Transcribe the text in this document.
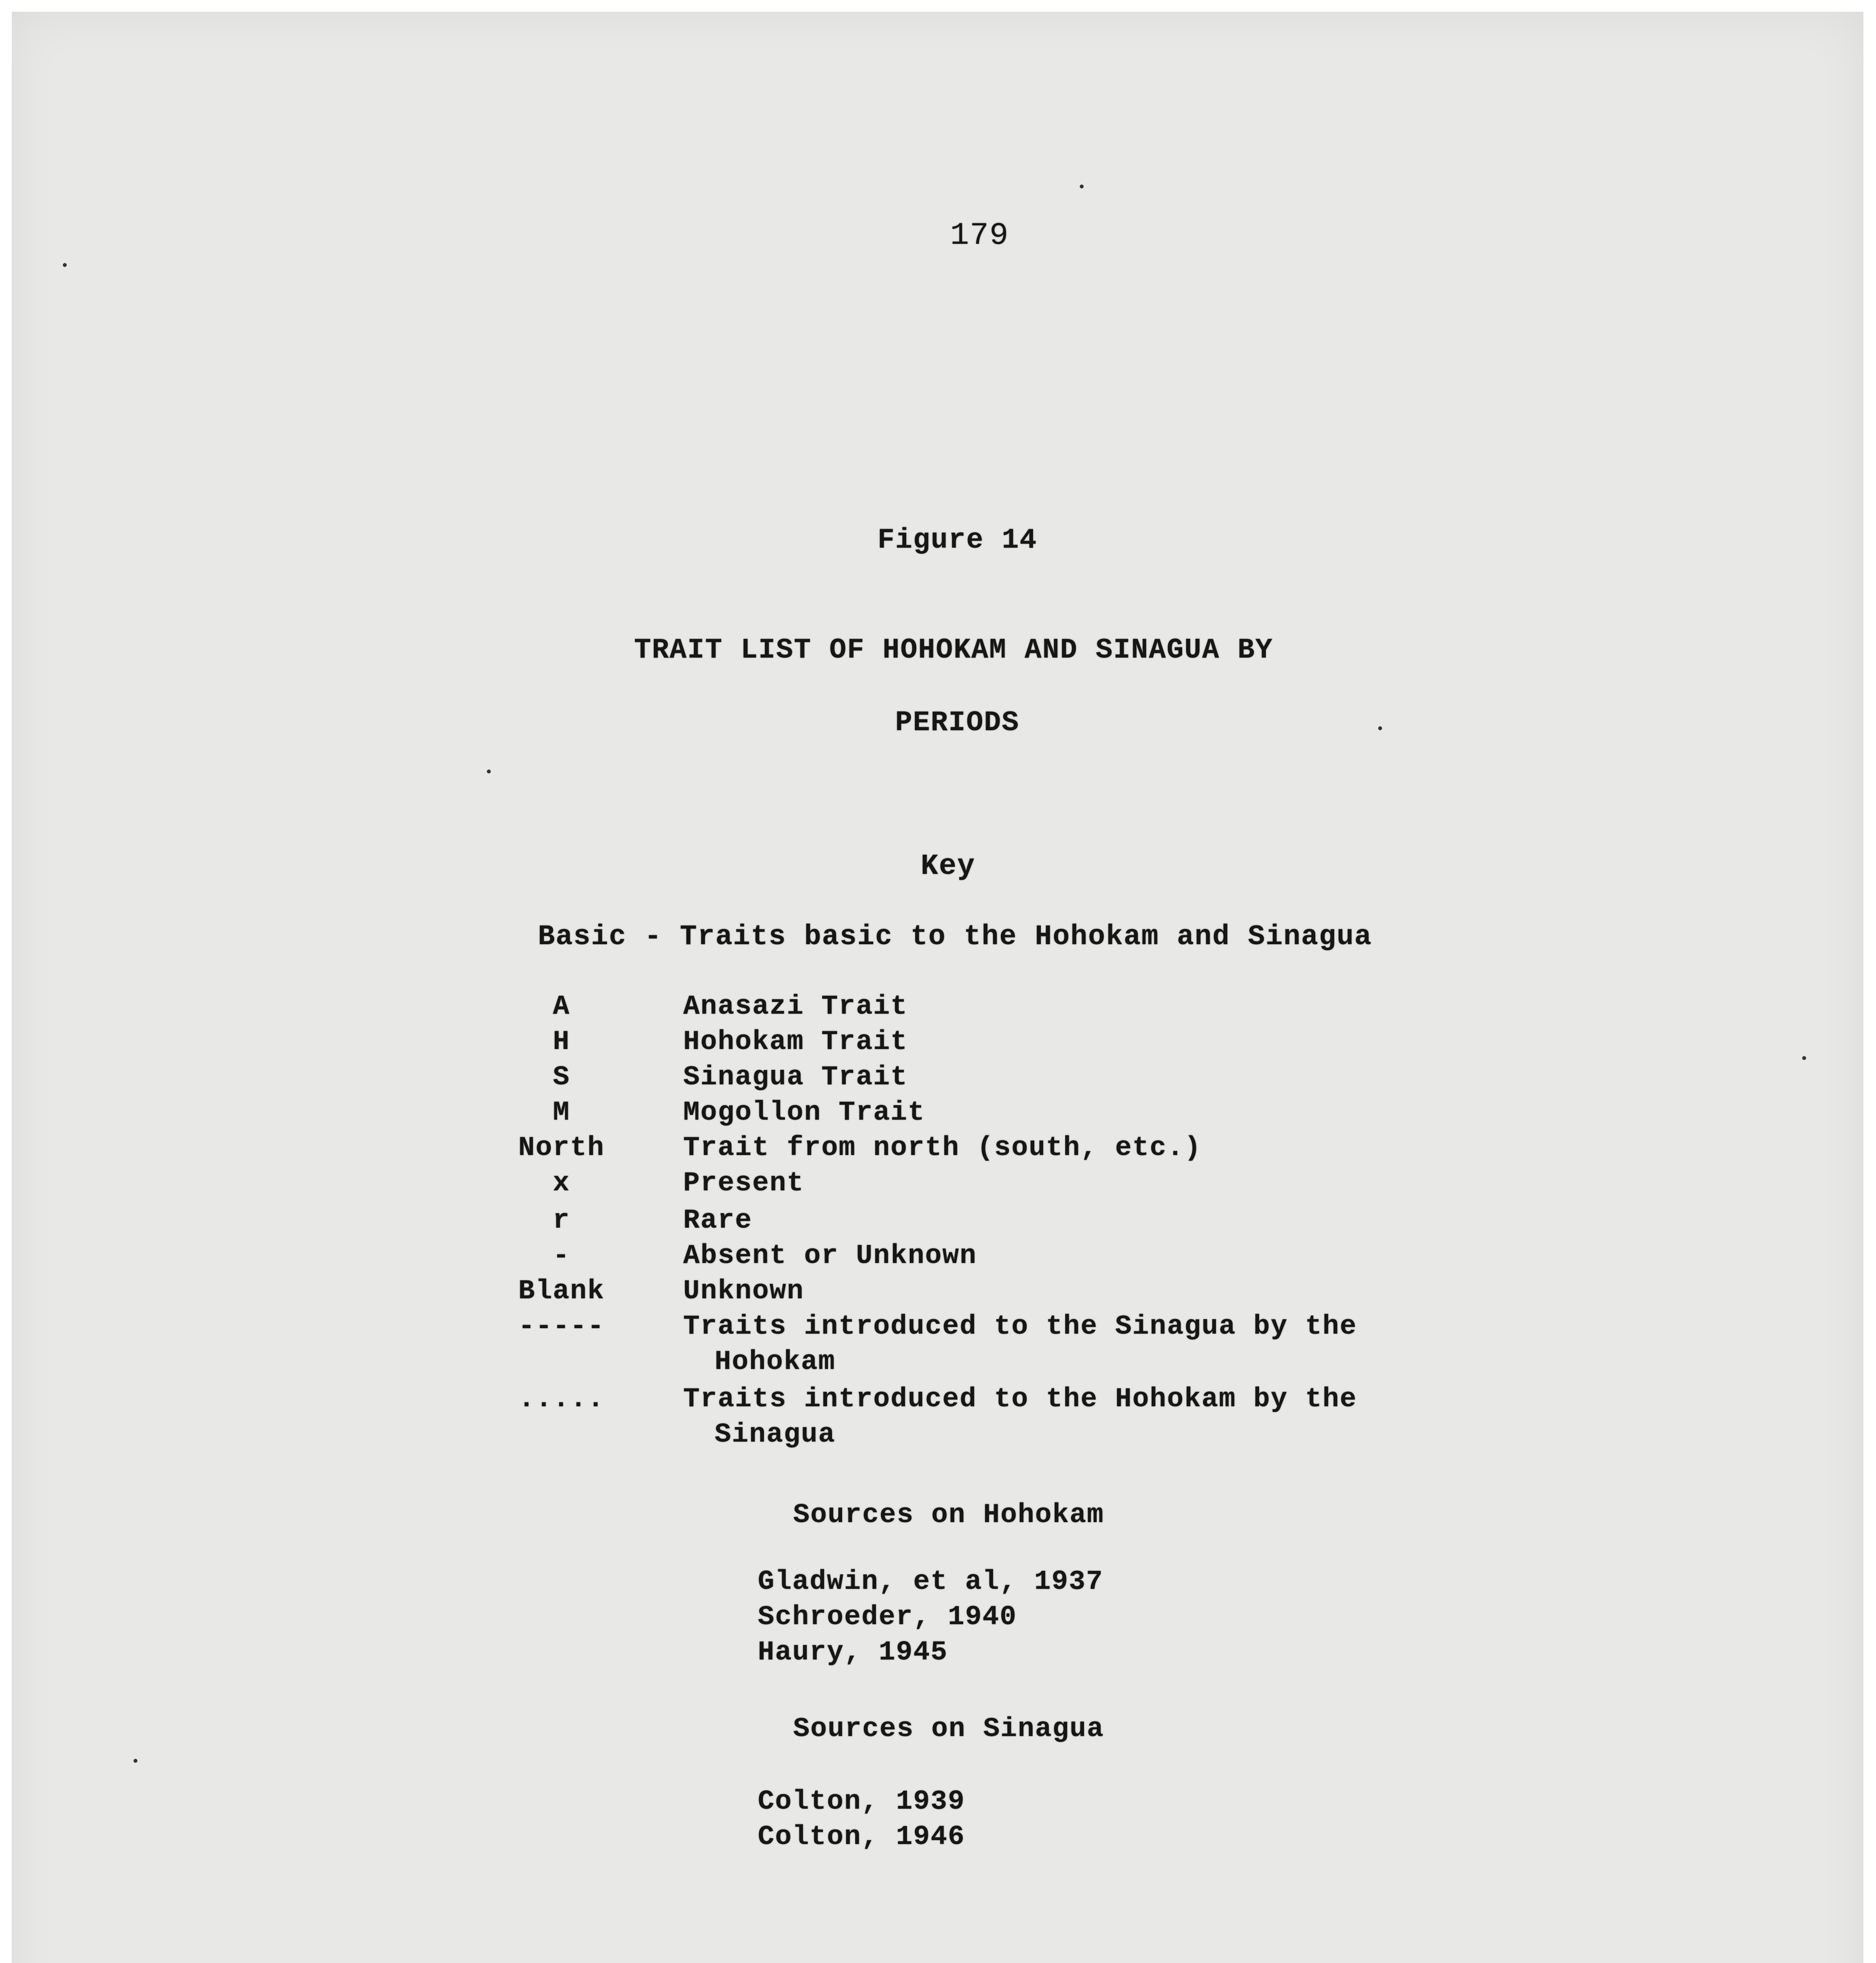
179
Figure 14
TRAIT LIST OF HOHOKAM AND SINAGUA BY
PERIODS
Key
Basic - Traits basic to the Hohokam and Sinagua
A	Anasazi Trait
H	Hohokam Trait
S	Sinagua Trait
M	Mogollon Trait
North	Trait from north (south, etc.)
x	Present
r	Rare
-	Absent or Unknown
Blank	Unknown
-----	Traits introduced to the Sinagua by the
Hohokam
.....	Traits introduced to the Hohokam by the
Sinagua
Sources on Hohokam
Gladwin, et al, 1937
Schroeder, 1940
Haury, 1945
Sources on Sinagua
Colton, 1939
Colton, 1946
